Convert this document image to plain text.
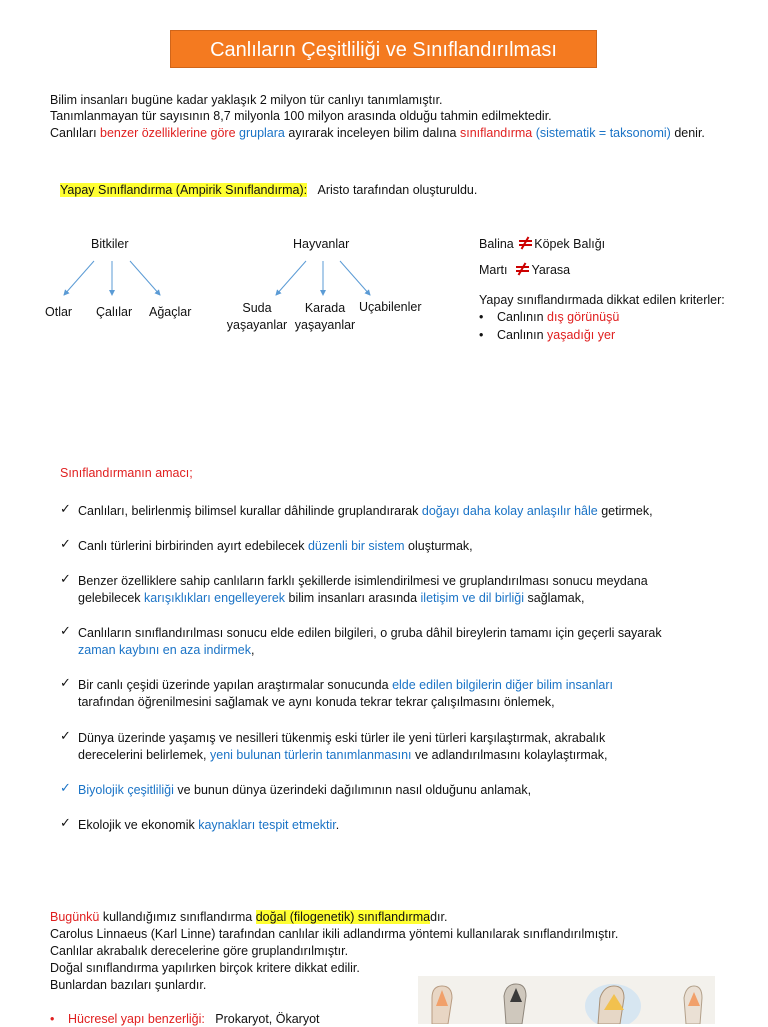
Canlıların Çeşitliliği ve Sınıflandırılması
Bilim insanları bugüne kadar yaklaşık 2 milyon tür canlıyı tanımlamıştır.
Tanımlanmayan tür sayısının 8,7 milyonla 100 milyon arasında olduğu tahmin edilmektedir.
Canlıları benzer özelliklerine göre gruplara ayırarak inceleyen bilim dalına sınıflandırma (sistematik = taksonomi) denir.
Yapay Sınıflandırma (Ampirik Sınıflandırma): Aristo tarafından oluşturuldu.
Bitkiler
Otlar Çalılar Ağaçlar
Hayvanlar
Suda
yaşayanlar
Karada
yaşayanlar
Uçabilenler
Balina Köpek Balığı
Martı Yarasa
Yapay sınıflandırmada dikkat edilen kriterler:
• Canlının dış görünüşü
• Canlının yaşadığı yer
Sınıflandırmanın amacı;
✓ Canlıları, belirlenmiş bilimsel kurallar dâhilinde gruplandırarak doğayı daha kolay anlaşılır hâle getirmek,
✓ Canlı türlerini birbirinden ayırt edebilecek düzenli bir sistem oluşturmak,
✓ Benzer özelliklere sahip canlıların farklı şekillerde isimlendirilmesi ve gruplandırılması sonucu meydana
gelebilecek karışıklıkları engelleyerek bilim insanları arasında iletişim ve dil birliği sağlamak,
✓ Canlıların sınıflandırılması sonucu elde edilen bilgileri, o gruba dâhil bireylerin tamamı için geçerli sayarak
zaman kaybını en aza indirmek,
✓ Bir canlı çeşidi üzerinde yapılan araştırmalar sonucunda elde edilen bilgilerin diğer bilim insanları
tarafından öğrenilmesini sağlamak ve aynı konuda tekrar tekrar çalışılmasını önlemek,
✓ Dünya üzerinde yaşamış ve nesilleri tükenmiş eski türler ile yeni türleri karşılaştırmak, akrabalık
derecelerini belirlemek, yeni bulunan türlerin tanımlanmasını ve adlandırılmasını kolaylaştırmak,
✓ Biyolojik çeşitliliği ve bunun dünya üzerindeki dağılımının nasıl olduğunu anlamak,
✓ Ekolojik ve ekonomik kaynakları tespit etmektir.
Bugünkü kullandığımız sınıflandırma doğal (filogenetik) sınıflandırmadır.
Carolus Linnaeus (Karl Linne) tarafından canlılar ikili adlandırma yöntemi kullanılarak sınıflandırılmıştır.
Canlılar akrabalık derecelerine göre gruplandırılmıştır.
Doğal sınıflandırma yapılırken birçok kritere dikkat edilir.
Bunlardan bazıları şunlardır.
• Hücresel yapı benzerliği: Prokaryot, Ökaryot
